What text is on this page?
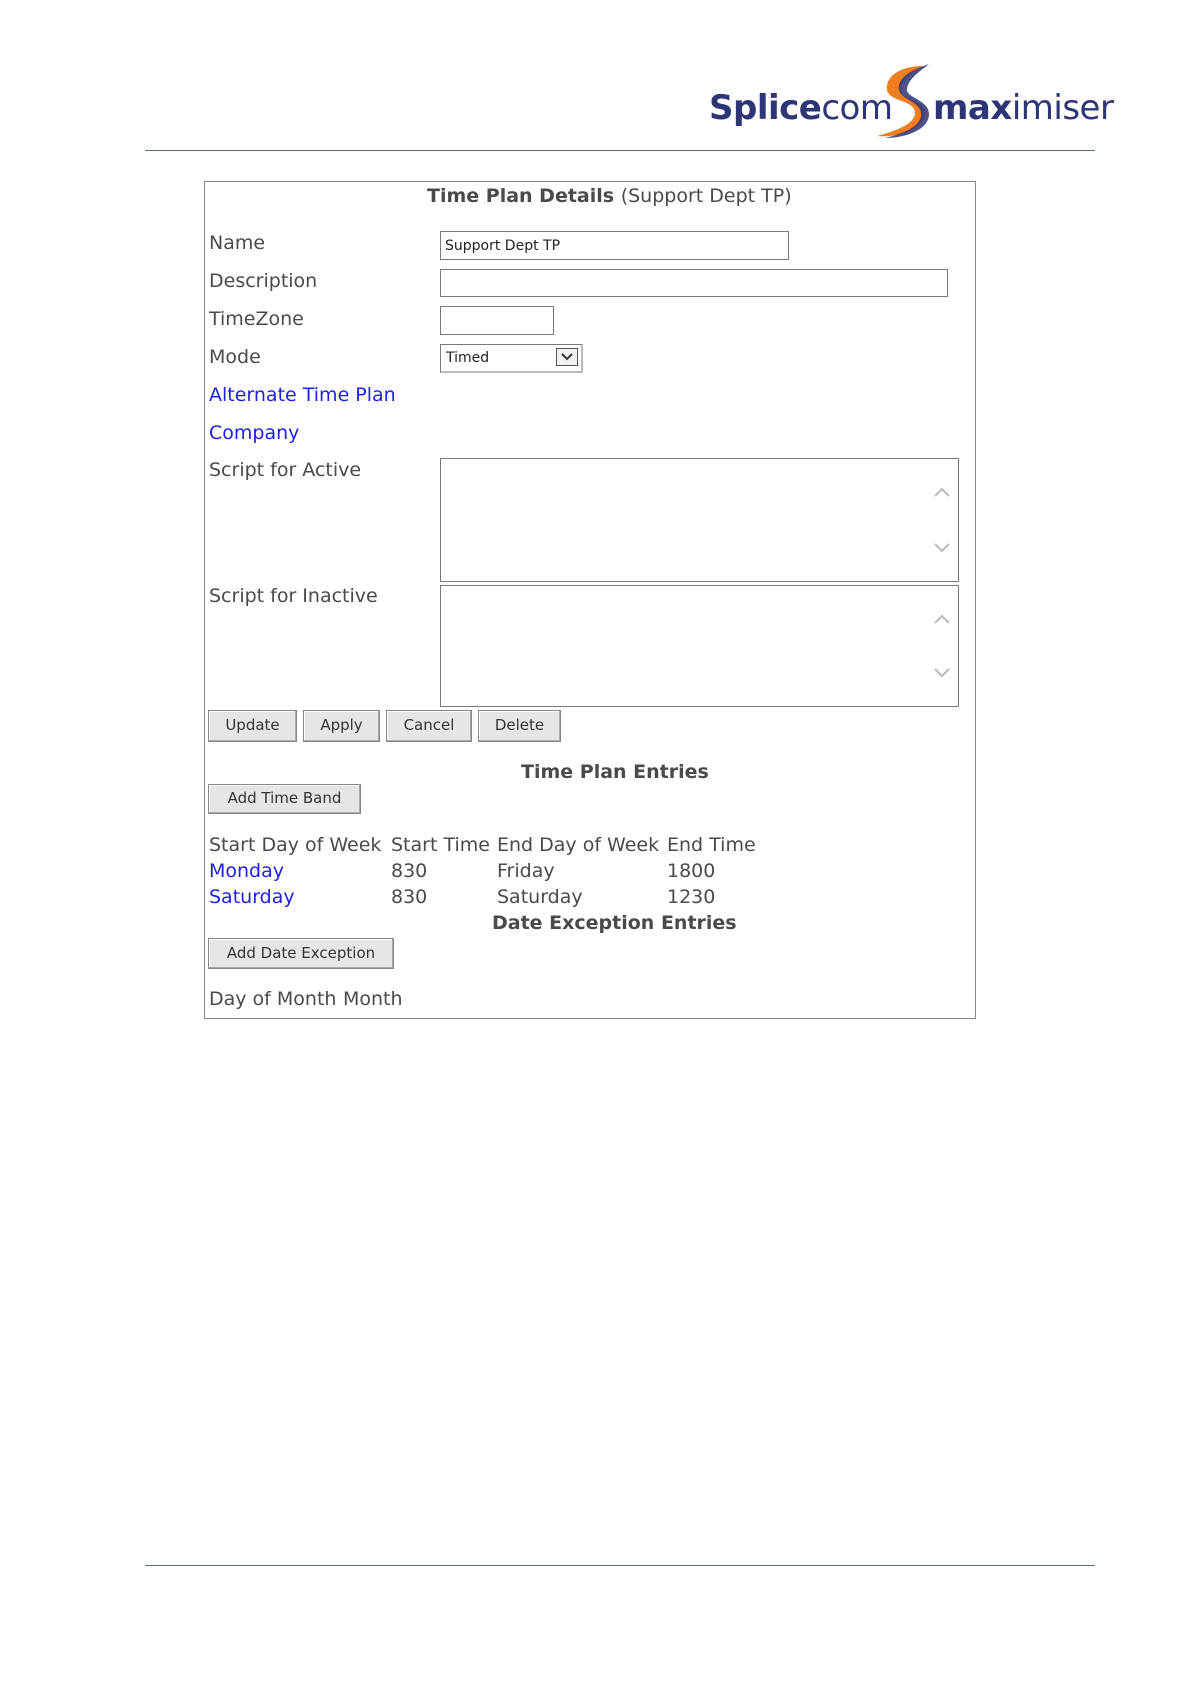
Splicecom maximiser
Time Plan Details (Support Dept TP)
Name
Support Dept TP
Description
TimeZone
Mode	Timed
Alternate Time Plan
Company
Script for Active
Script for Inactive
Update	Apply	Cancel	Delete
Time Plan Entries
Add Time Band
Start Day of Week Start Time End Day of Week End Time
Monday	830	Friday	1800
Saturday	830	Saturday	1230
Date Exception Entries
Add Date Exception
Day of Month Month
